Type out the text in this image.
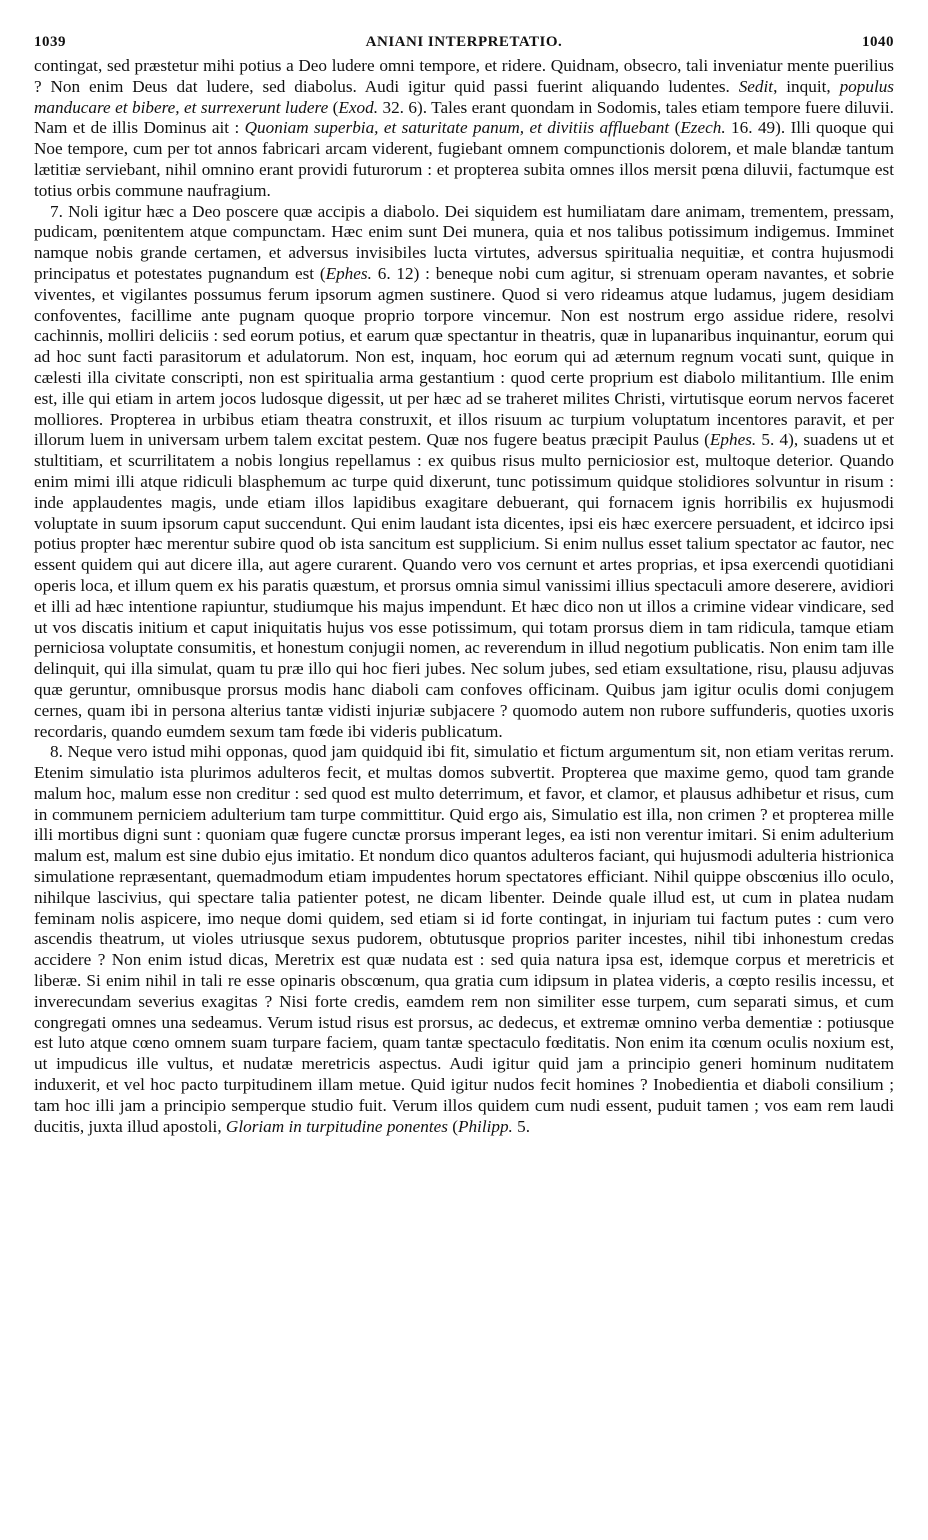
1039	ANIANI INTERPRETATIO.	1040

contingat, sed præstetur mihi potius a Deo ludere omni tempore, et ridere. Quidnam, obsecro, tali inveniatur mente puerilius ? Non enim Deus dat ludere, sed diabolus. Audi igitur quid passi fuerint aliquando ludentes. Sedit, inquit, populus manducare et bibere, et surrexerunt ludere (Exod. 32. 6). Tales erant quondam in Sodomis, tales etiam tempore fuere diluvii. Nam et de illis Dominus ait : Quoniam superbia, et saturitate panum, et divitiis affluebant (Ezech. 16. 49). Illi quoque qui Noe tempore, cum per tot annos fabricari arcam viderent, fugiebant omnem compunctionis dolorem, et male blandæ tantum lætitiæ serviebant, nihil omnino erant providi futurorum : et propterea subita omnes illos mersit pœna diluvii, factumque est totius orbis commune naufragium.

7. Noli igitur hæc a Deo poscere quæ accipis a diabolo. Dei siquidem est humiliatam dare animam, trementem, pressam, pudicam, pœnitentem atque compunctam. Hæc enim sunt Dei munera, quia et nos talibus potissimum indigemus. Imminet namque nobis grande certamen, et adversus invisibiles lucta virtutes, adversus spiritualia nequitiæ, et contra hujusmodi principatus et potestates pugnandum est (Ephes. 6. 12) : beneque nobi cum agitur, si strenuam operam navantes, et sobrie viventes, et vigilantes possumus ferum ipsorum agmen sustinere. Quod si vero rideamus atque ludamus, jugem desidiam confoventes, facillime ante pugnam quoque proprio torpore vincemur. Non est nostrum ergo assidue ridere, resolvi cachinnis, molliri deliciis : sed eorum potius, et earum quæ spectantur in theatris, quæ in lupanaribus inquinantur, eorum qui ad hoc sunt facti parasitorum et adulatorum. Non est, inquam, hoc eorum qui ad æternum regnum vocati sunt, quique in cælesti illa civitate conscripti, non est spiritualia arma gestantium : quod certe proprium est diabolo militantium. Ille enim est, ille qui etiam in artem jocos ludosque digessit, ut per hæc ad se traheret milites Christi, virtutisque eorum nervos faceret molliores. Propterea in urbibus etiam theatra construxit, et illos risuum ac turpium voluptatum incentores paravit, et per illorum luem in universam urbem talem excitat pestem. Quæ nos fugere beatus præcipit Paulus (Ephes. 5. 4), suadens ut et stultitiam, et scurrilitatem a nobis longius repellamus : ex quibus risus multo perniciosior est, multoque deterior. Quando enim mimi illi atque ridiculi blasphemum ac turpe quid dixerunt, tunc potissimum quidque stolidiores solvuntur in risum : inde applaudentes magis, unde etiam illos lapidibus exagitare debuerant, qui fornacem ignis horribilis ex hujusmodi voluptate in suum ipsorum caput succendunt. Qui enim laudant ista dicentes, ipsi eis hæc exercere persuadent, et idcirco ipsi potius propter hæc merentur subire quod ob ista sancitum est supplicium. Si enim nullus esset talium spectator ac fautor, nec essent quidem qui aut dicere illa, aut agere curarent. Quando vero vos cernunt et artes proprias, et ipsa exercendi quotidiani operis loca, et illum quem ex his paratis quæstum, et prorsus omnia simul vanissimi illius spectaculi amore deserere, avidiori et illi ad hæc intentione rapiuntur, studiumque his majus impendunt. Et hæc dico non ut illos a crimine videar vindicare, sed ut vos discatis initium et caput iniquitatis hujus vos esse potissimum, qui totam prorsus diem in tam ridicula, tamque etiam perniciosa voluptate consumitis, et honestum conjugii nomen, ac reverendum in illud negotium publicatis. Non enim tam ille delinquit, qui illa simulat, quam tu præ illo qui hoc fieri jubes. Nec solum jubes, sed etiam exsultatione, risu, plausu adjuvas quæ geruntur, omnibusque prorsus modis hanc diaboli cam confoves officinam. Quibus jam igitur oculis domi conjugem cernes, quam ibi in persona alterius tantæ vidisti injuriæ subjacere ? quomodo autem non rubore suffunderis, quoties uxoris recordaris, quando eumdem sexum tam fœde ibi videris publicatum.

8. Neque vero istud mihi opponas, quod jam quidquid ibi fit, simulatio et fictum argumentum sit, non etiam veritas rerum. Etenim simulatio ista plurimos adulteros fecit, et multas domos subvertit. Propterea que maxime gemo, quod tam grande malum hoc, malum esse non creditur : sed quod est multo deterrimum, et favor, et clamor, et plausus adhibetur et risus, cum in communem perniciem adulterium tam turpe committitur. Quid ergo ais, Simulatio est illa, non crimen ? et propterea mille illi mortibus digni sunt : quoniam quæ fugere cunctæ prorsus imperant leges, ea isti non verentur imitari. Si enim adulterium malum est, malum est sine dubio ejus imitatio. Et nondum dico quantos adulteros faciant, qui hujusmodi adulteria histrionica simulatione repræsentant, quemadmodum etiam impudentes horum spectatores efficiant. Nihil quippe obscœnius illo oculo, nihilque lascivius, qui spectare talia patienter potest, ne dicam libenter. Deinde quale illud est, ut cum in platea nudam feminam nolis aspicere, imo neque domi quidem, sed etiam si id forte contingat, in injuriam tui factum putes : cum vero ascendis theatrum, ut violes utriusque sexus pudorem, obtutusque proprios pariter incestes, nihil tibi inhonestum credas accidere ? Non enim istud dicas, Meretrix est quæ nudata est : sed quia natura ipsa est, idemque corpus et meretricis et liberæ. Si enim nihil in tali re esse opinaris obscœnum, qua gratia cum idipsum in platea videris, a cœpto resilis incessu, et inverecundam severius exagitas ? Nisi forte credis, eamdem rem non similiter esse turpem, cum separati simus, et cum congregati omnes una sedeamus. Verum istud risus est prorsus, ac dedecus, et extremæ omnino verba dementiæ : potiusque est luto atque cœno omnem suam turpare faciem, quam tantæ spectaculo fœditatis. Non enim ita cœnum oculis noxium est, ut impudicus ille vultus, et nudatæ meretricis aspectus. Audi igitur quid jam a principio generi hominum nuditatem induxerit, et vel hoc pacto turpitudinem illam metue. Quid igitur nudos fecit homines ? Inobedientia et diaboli consilium ; tam hoc illi jam a principio semperque studio fuit. Verum illos quidem cum nudi essent, puduit tamen ; vos eam rem laudi ducitis, juxta illud apostoli, Gloriam in turpitudine ponentes (Philipp. 5.
